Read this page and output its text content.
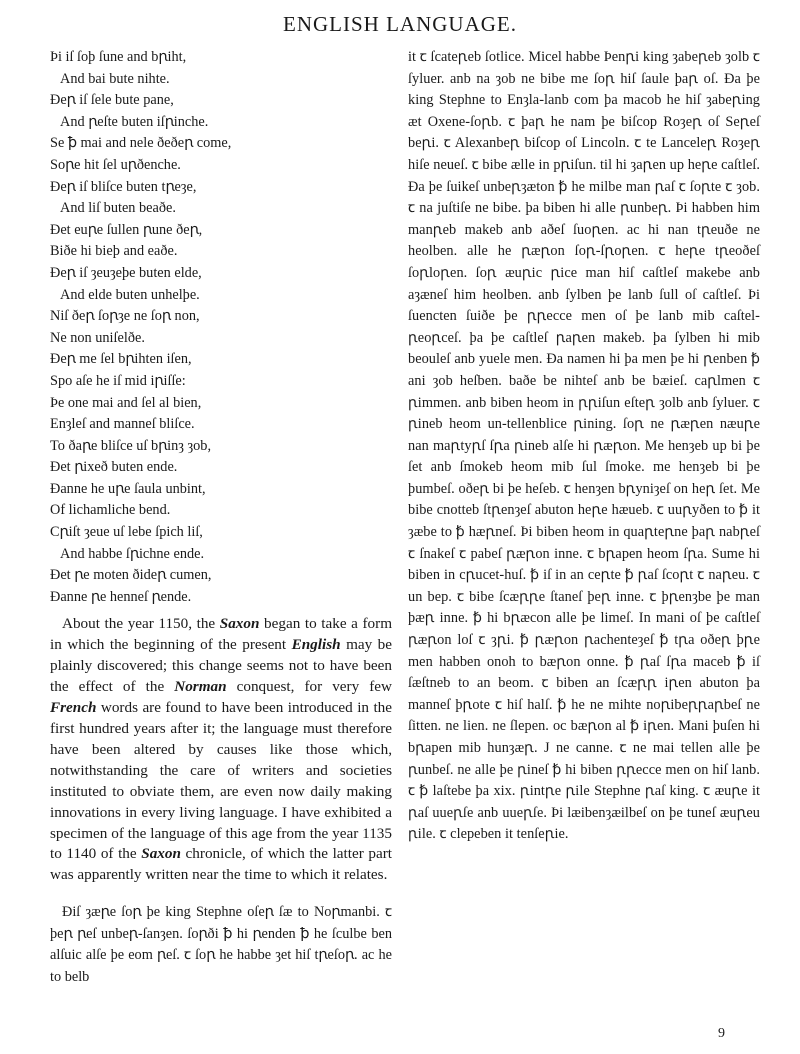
ENGLISH LANGUAGE.
Þi iſ ſoþ ſune and bꞃiht,
And bai bute nihte.
Ðeꞃ iſ ſele bute pane,
And ꞃeſte buten iſꞃinche.
Se ꝥ mai and nele ðeðeꞃ come,
Soꞃe hit ſel uꞃðenche.
Ðeꞃ iſ bliſce buten tꞃeȝe,
And liſ buten beaðe.
Ðet euꞃe ſullen ꞃune ðeꞃ,
Biðe hi bieþ and eaðe.
Ðeꞃ iſ ȝeuȝeþe buten elde,
And elde buten unhelþe.
Niſ ðeꞃ ſoꞃȝe ne ſoꞃ non,
Ne non uniſelðe.
Ðeꞃ me ſel bꞃihten iſen,
Spo aſe he iſ mid iꞃiſſe:
Þe one mai and ſel al bien,
Enȝleſ and manneſ bliſce.
To ðaꞃe bliſce uſ bꞃinȝ ȝob,
Ðet ꞃixeð buten ende.
Ðanne he uꞃe ſaula unbint,
Of lichamliche bend.
Cꞃiſt ȝeue uſ lebe ſpich liſ,
And habbe ſꞃichne ende.
Ðet ꞃe moten ðideꞃ cumen,
Ðanne ꞃe henneſ ꞃende.

About the year 1150, the Saxon began to take a form in which the beginning of the present English may be plainly discovered; this change seems not to have been the effect of the Norman conquest, for very few French words are found to have been introduced in the first hundred years after it; the language must therefore have been altered by causes like those which, notwithstanding the care of writers and societies instituted to obviate them, are even now daily making innovations in every living language. I have exhibited a specimen of the language of this age from the year 1135 to 1140 of the Saxon chronicle, of which the latter part was apparently written near the time to which it relates.

Ðiſ ȝæꞃe ſoꞃ þe king Stephne oſeꞃ ſæ to Noꞃmanbi. ꞇ þeꞃ ꞃeſ unbeꞃ-ſanȝen. ſoꞃði ꝥ hi ꞃenden ꝥ he ſculbe ben alſuic alſe þe eom ꞃeſ. ꞇ ſoꞃ he habbe ȝet hiſ tꞃeſoꞃ. ac he to belb

it ꞇ ſcateꞃeb ſotlice. Micel habbe Þenꞃi king ȝabeꞃeb ȝolb ꞇ ſyluer. anb na ȝob ne bibe me ſoꞃ hiſ ſaule þaꞃ oſ. Ða þe king Stephne to Enȝla-lanb com þa macob he hiſ ȝabeꞃing æt Oxene-ſoꞃb. ꞇ þaꞃ he nam þe biſcop Roȝeꞃ oſ Seꞃeſ beꞃi. ꞇ Alexanbeꞃ biſcop oſ Lincoln. ꞇ te Lanceleꞃ Roȝeꞃ hiſe neueſ. ꞇ bibe ælle in pꞃiſun. til hi ȝaꞃen up heꞃe caſtleſ. Ða þe ſuikeſ unbeꞃȝæton ꝥ he milbe man ꞃaſ ꞇ ſoꞃte ꞇ ȝob. ꞇ na juſtiſe ne bibe. þa biben hi alle ꞃunbeꞃ. Þi habben him manꞃeb makeb anb aðeſ ſuoꞃen. ac hi nan tꞃeuðe ne heolben. alle he ꞃæꞃon ſoꞃ-ſꞃoꞃen. ꞇ heꞃe tꞃeoðeſ ſoꞃloꞃen. ſoꞃ æuꞃic ꞃice man hiſ caſtleſ makebe anb aȝæneſ him heolben. anb ſylben þe lanb ſull oſ caſtleſ. Þi ſuencten ſuiðe þe ꞃꞃecce men oſ þe lanb mib caſtel-ꞃeoꞃceſ. þa þe caſtleſ ꞃaꞃen makeb. þa ſylben hi mib beouleſ anb yuele men. Ða namen hi þa men þe hi ꞃenben ꝥ ani ȝob heſben. baðe be nihteſ anb be bæieſ. caꞃlmen ꞇ ꞃimmen. anb biben heom in ꞃꞃiſun eſteꞃ ȝolb anb ſyluer. ꞇ ꞃineb heom un-tellenblice ꞃining. ſoꞃ ne ꞃæꞃen næuꞃe nan maꞃtyꞃſ ſꞃa ꞃineb alſe hi ꞃæꞃon. Me henȝeb up bi þe ſet anb ſmokeb heom mib ſul ſmoke. me henȝeb bi þe þumbeſ. oðeꞃ bi þe heſeb. ꞇ henȝen bꞃyniȝeſ on heꞃ ſet. Me bibe cnotteb ſtꞃenȝeſ abuton heꞃe hæueb. ꞇ uuꞃyðen to ꝥ it ȝæbe to ꝥ hæꞃneſ. Þi biben heom in quaꞃteꞃne þaꞃ nabꞃeſ ꞇ ſnakeſ ꞇ pabeſ ꞃæꞃon inne. ꞇ bꞃapen heom ſꞃa. Sume hi biben in cꞃucet-huſ. ꝥ iſ in an ceꞃte ꝥ ꞃaſ ſcoꞃt ꞇ naꞃeu. ꞇ un bep. ꞇ bibe ſcæꞃꞃe ſtaneſ þeꞃ inne. ꞇ þꞃenȝbe þe man þæꞃ inne. ꝥ hi bꞃæcon alle þe limeſ. In mani oſ þe caſtleſ ꞃæꞃon loſ ꞇ ȝꞃi. ꝥ ꞃæꞃon ꞃachenteȝeſ ꝥ tꞃa oðeꞃ þꞃe men habben onoh to bæꞃon onne. ꝥ ꞃaſ ſꞃa maceb ꝥ iſ ſæſtneb to an beom. ꞇ biben an ſcæꞃꞃ iꞃen abuton þa manneſ þꞃote ꞇ hiſ halſ. ꝥ he ne mihte noꞃibeꞃꞃaꞃbeſ ne ſitten. ne lien. ne ſlepen. oc bæꞃon al ꝥ iꞃen. Mani þuſen hi bꞃapen mib hunȝæꞃ. J ne canne. ꞇ ne mai tellen alle þe ꞃunbeſ. ne alle þe ꞃineſ ꝥ hi biben ꞃꞃecce men on hiſ lanb. ꞇ ꝥ laſtebe þa xix. ꞃintꞃe ꞃile Stephne ꞃaſ king. ꞇ æuꞃe it ꞃaſ uueꞃſe anb uueꞃſe. Þi læibenȝæilbeſ on þe tuneſ æuꞃeu ꞃile. ꞇ clepeben it tenſeꞃie.

9
